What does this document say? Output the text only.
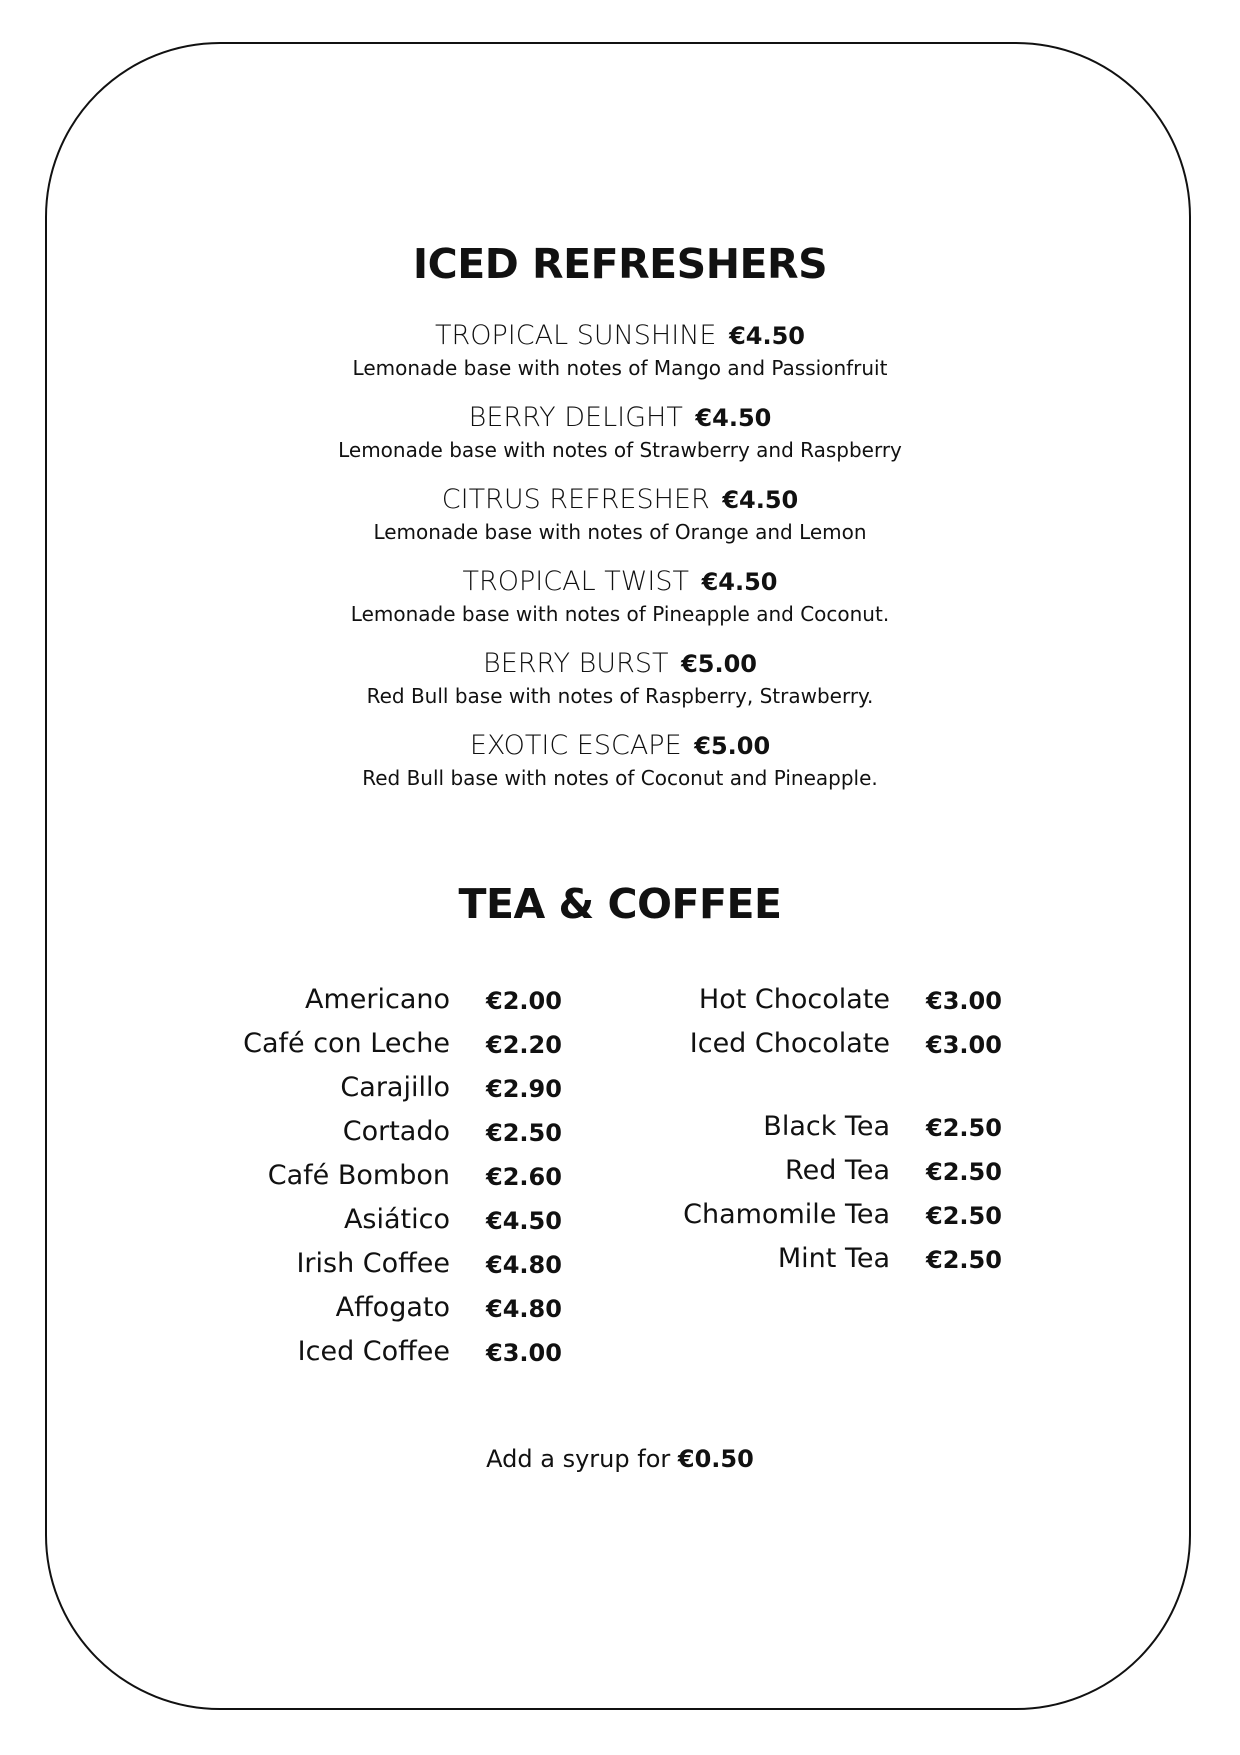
ICED REFRESHERS
TROPICAL SUNSHINE €4.50
Lemonade base with notes of Mango and Passionfruit
BERRY DELIGHT €4.50
Lemonade base with notes of Strawberry and Raspberry
CITRUS REFRESHER €4.50
Lemonade base with notes of Orange and Lemon
TROPICAL TWIST €4.50
Lemonade base with notes of Pineapple and Coconut.
BERRY BURST €5.00
Red Bull base with notes of Raspberry, Strawberry.
EXOTIC ESCAPE €5.00
Red Bull base with notes of Coconut and Pineapple.
TEA & COFFEE
Americano €2.00
Café con Leche €2.20
Carajillo €2.90
Cortado €2.50
Café Bombon €2.60
Asiático €4.50
Irish Coffee €4.80
Affogato €4.80
Iced Coffee €3.00
Hot Chocolate €3.00
Iced Chocolate €3.00
Black Tea €2.50
Red Tea €2.50
Chamomile Tea €2.50
Mint Tea €2.50
Add a syrup for €0.50
